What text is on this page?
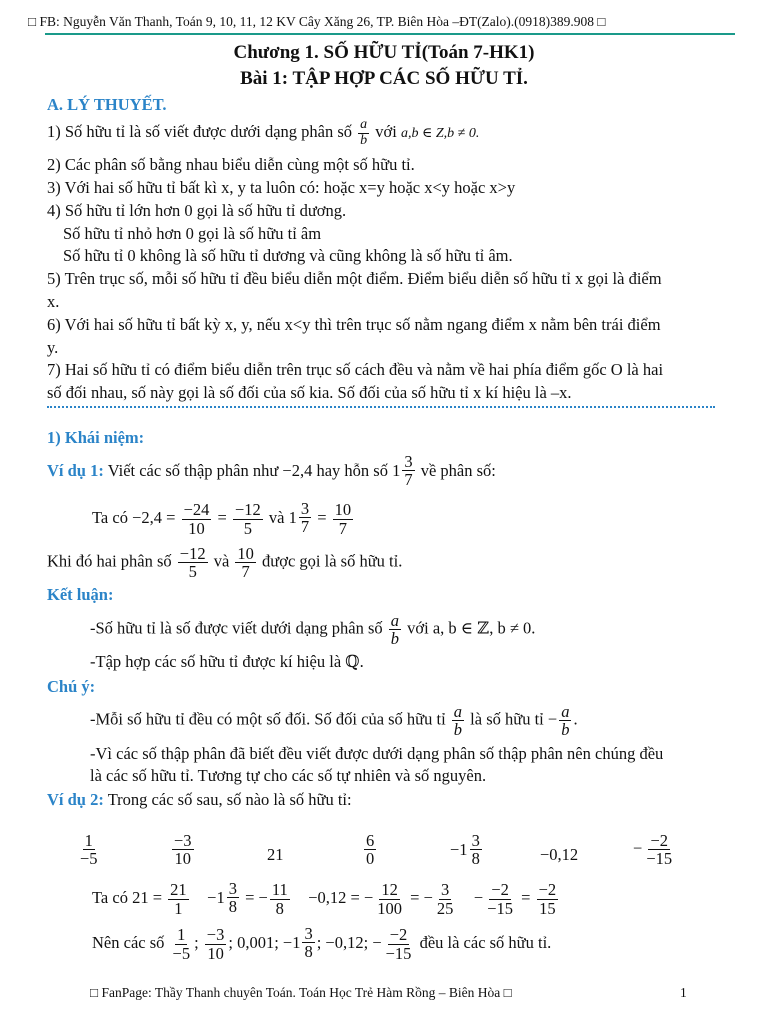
□ FB: Nguyễn Văn Thanh, Toán 9, 10, 11, 12 KV Cây Xăng 26, TP. Biên Hòa –ĐT(Zalo).(0918)389.908 □
Chương 1. SỐ HỮU TỈ(Toán 7-HK1)
Bài 1: TẬP HỢP CÁC SỐ HỮU TỈ.
A. LÝ THUYẾT.
1) Số hữu tỉ là số viết được dưới dạng phân số $\frac{a}{b}$ với a,b ∈ Z,b ≠ 0.
2) Các phân số bằng nhau biểu diễn cùng một số hữu tỉ.
3) Với hai số hữu tỉ bất kì x, y ta luôn có: hoặc x=y hoặc x<y hoặc x>y
4) Số hữu tỉ lớn hơn 0 gọi là số hữu tỉ dương.
Số hữu tỉ nhỏ hơn 0 gọi là số hữu tỉ âm
Số hữu tỉ 0 không là số hữu tỉ dương và cũng không là số hữu tỉ âm.
5) Trên trục số, mỗi số hữu tỉ đều biểu diễn một điểm. Điểm biểu diễn số hữu tỉ x gọi là điểm
x.
6) Với hai số hữu tỉ bất kỳ x, y, nếu x<y thì trên trục số nằm ngang điểm x nằm bên trái điểm
y.
7) Hai số hữu tỉ có điểm biểu diễn trên trục số cách đều và nằm về hai phía điểm gốc O là hai
số đối nhau, số này gọi là số đối của số kia. Số đối của số hữu tỉ x kí hiệu là –x.
1) Khái niệm:
Ví dụ 1: Viết các số thập phân như −2,4 hay hỗn số $1 \frac{3}{7}$ về phân số:
Ta có $-2,4 = \frac{-24}{10} = \frac{-12}{5}$ và $1 \frac{3}{7} = \frac{10}{7}$
Khi đó hai phân số $\frac{-12}{5}$ và $\frac{10}{7}$ được gọi là số hữu tỉ.
Kết luận:
-Số hữu tỉ là số được viết dưới dạng phân số $\frac{a}{b}$ với a, b ∈ ℤ, b ≠ 0.
-Tập hợp các số hữu tỉ được kí hiệu là ℚ.
Chú ý:
-Mỗi số hữu tỉ đều có một số đối. Số đối của số hữu tỉ $\frac{a}{b}$ là số hữu tỉ − $\frac{a}{b}$ .
-Vì các số thập phân đã biết đều viết được dưới dạng phân số thập phân nên chúng đều
là các số hữu tỉ. Tương tự cho các số tự nhiên và số nguyên.
Ví dụ 2: Trong các số sau, số nào là số hữu tỉ:
$\frac{1}{-5}$	$\frac{-3}{10}$	21	$\frac{6}{0}$	$-1 \frac{3}{8}$	−0,12	− $\frac{-2}{-15}$
Ta có $21 = \frac{21}{1} -1 \frac{3}{8}$ = − $\frac{11}{8} -0,12$ = − $\frac{12}{100}$ = − $\frac{3}{25} - \frac{-2}{-15} = \frac{-2}{15}$
Nên các số $\frac{1}{-5}$ ; $\frac{-3}{10}$ ; 0,001; $-1 \frac{3}{8}$ ; −0,12; − $\frac{-2}{-15}$ đều là các số hữu tỉ.
□ FanPage: Thầy Thanh chuyên Toán. Toán Học Trẻ Hàm Rồng – Biên Hòa □	1
